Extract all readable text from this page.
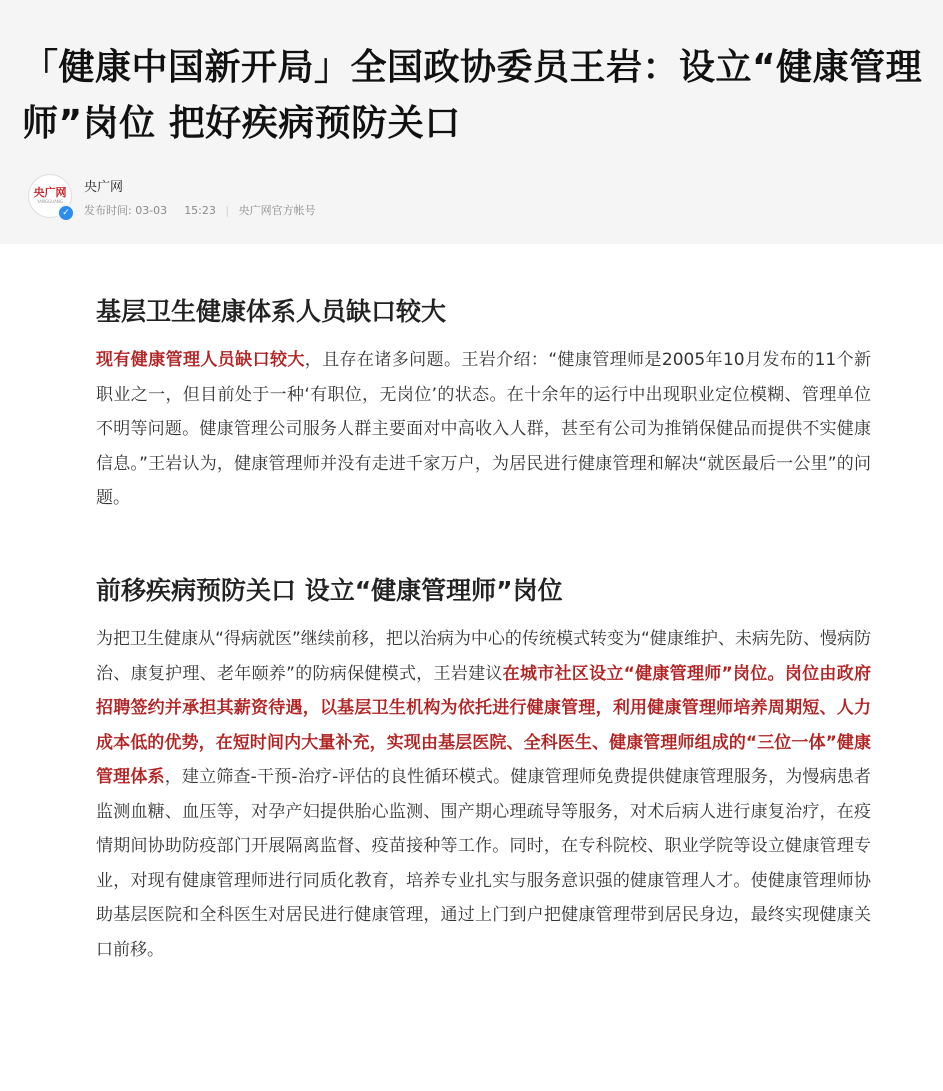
「健康中国新开局」全国政协委员王岩：设立“健康管理师”岗位 把好疾病预防关口
央广网
YANGGUANG
✓
央广网
发布时间: 03-03 15:23 | 央广网官方帐号
基层卫生健康体系人员缺口较大

现有健康管理人员缺口较大，且存在诸多问题。王岩介绍：“健康管理师是2005年10月发布的11个新职业之一，但目前处于一种‘有职位，无岗位’的状态。在十余年的运行中出现职业定位模糊、管理单位不明等问题。健康管理公司服务人群主要面对中高收入人群，甚至有公司为推销保健品而提供不实健康信息。”王岩认为，健康管理师并没有走进千家万户，为居民进行健康管理和解决“就医最后一公里”的问题。

前移疾病预防关口 设立“健康管理师”岗位

为把卫生健康从“得病就医”继续前移，把以治病为中心的传统模式转变为“健康维护、未病先防、慢病防治、康复护理、老年颐养”的防病保健模式，王岩建议在城市社区设立“健康管理师”岗位。岗位由政府招聘签约并承担其薪资待遇，以基层卫生机构为依托进行健康管理，利用健康管理师培养周期短、人力成本低的优势，在短时间内大量补充，实现由基层医院、全科医生、健康管理师组成的“三位一体”健康管理体系，建立筛查-干预-治疗-评估的良性循环模式。健康管理师免费提供健康管理服务，为慢病患者监测血糖、血压等，对孕产妇提供胎心监测、围产期心理疏导等服务，对术后病人进行康复治疗，在疫情期间协助防疫部门开展隔离监督、疫苗接种等工作。同时，在专科院校、职业学院等设立健康管理专业，对现有健康管理师进行同质化教育，培养专业扎实与服务意识强的健康管理人才。使健康管理师协助基层医院和全科医生对居民进行健康管理，通过上门到户把健康管理带到居民身边，最终实现健康关口前移。
